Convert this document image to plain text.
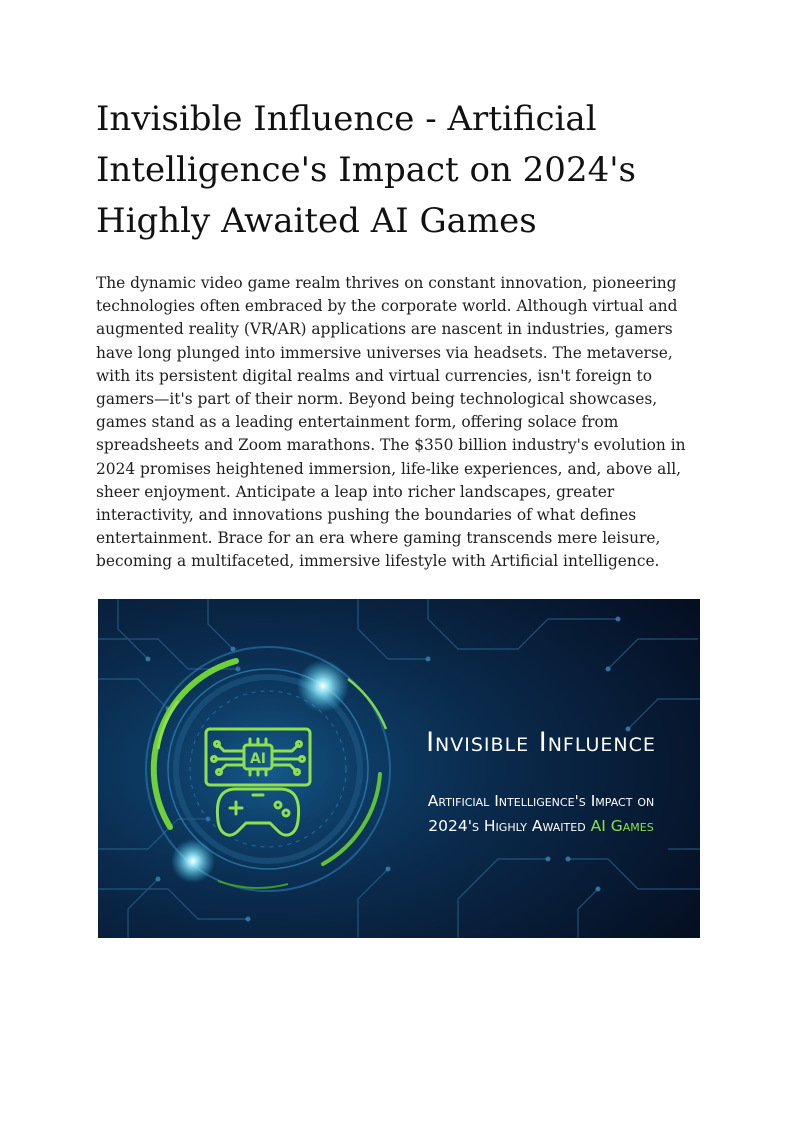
Invisible Influence - Artificial Intelligence's Impact on 2024's Highly Awaited AI Games

The dynamic video game realm thrives on constant innovation, pioneering technologies often embraced by the corporate world. Although virtual and augmented reality (VR/AR) applications are nascent in industries, gamers have long plunged into immersive universes via headsets. The metaverse, with its persistent digital realms and virtual currencies, isn't foreign to gamers—it's part of their norm. Beyond being technological showcases, games stand as a leading entertainment form, offering solace from spreadsheets and Zoom marathons. The $350 billion industry's evolution in 2024 promises heightened immersion, life-like experiences, and, above all, sheer enjoyment. Anticipate a leap into richer landscapes, greater interactivity, and innovations pushing the boundaries of what defines entertainment. Brace for an era where gaming transcends mere leisure, becoming a multifaceted, immersive lifestyle with Artificial intelligence.

AI
Invisible Influence
Artificial Intelligence's Impact on
2024's Highly Awaited AI Games
